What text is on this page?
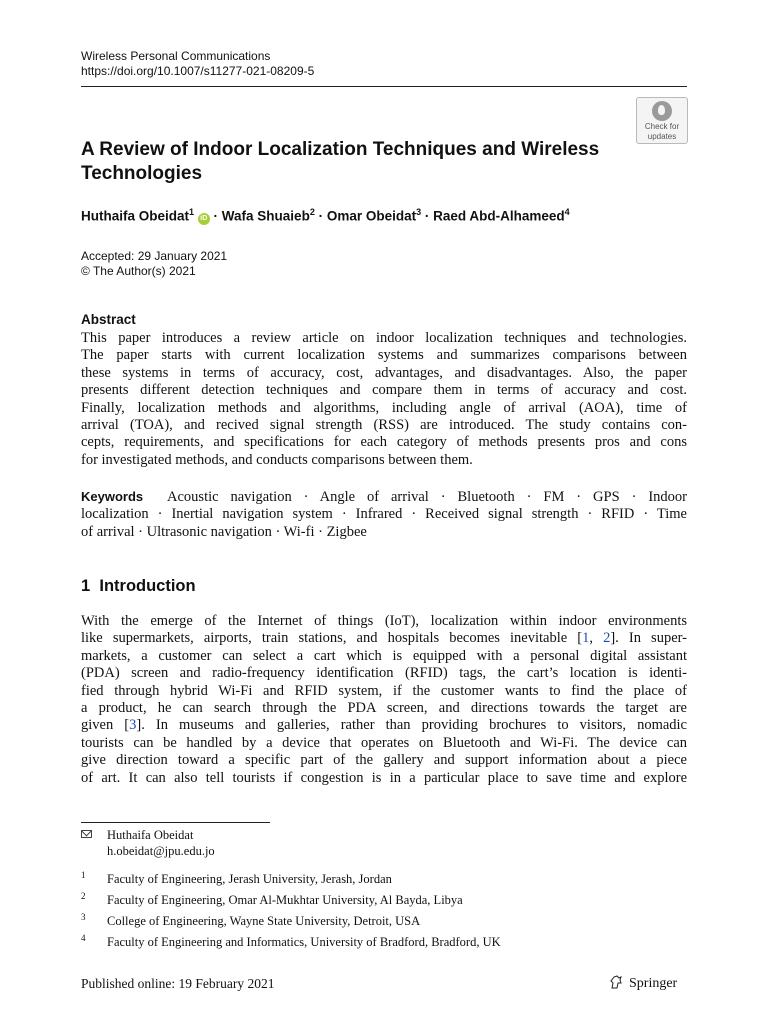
Wireless Personal Communications
https://doi.org/10.1007/s11277-021-08209-5
Check for
updates
A Review of Indoor Localization Techniques and Wireless Technologies
Huthaifa Obeidat$^1$ iD · Wafa Shuaieb$^2$ · Omar Obeidat$^3$ · Raed Abd-Alhameed$^4$
Accepted: 29 January 2021
© The Author(s) 2021
Abstract
This paper introduces a review article on indoor localization techniques and technologies.
The paper starts with current localization systems and summarizes comparisons between
these systems in terms of accuracy, cost, advantages, and disadvantages. Also, the paper
presents different detection techniques and compare them in terms of accuracy and cost.
Finally, localization methods and algorithms, including angle of arrival (AOA), time of
arrival (TOA), and recived signal strength (RSS) are introduced. The study contains con-
cepts, requirements, and specifications for each category of methods presents pros and cons
for investigated methods, and conducts comparisons between them.
Keywords Acoustic navigation · Angle of arrival · Bluetooth · FM · GPS · Indoor
localization · Inertial navigation system · Infrared · Received signal strength · RFID · Time
of arrival · Ultrasonic navigation · Wi-fi · Zigbee
1 Introduction
With the emerge of the Internet of things (IoT), localization within indoor environments
like supermarkets, airports, train stations, and hospitals becomes inevitable [1, 2]. In super-
markets, a customer can select a cart which is equipped with a personal digital assistant
(PDA) screen and radio-frequency identification (RFID) tags, the cart’s location is identi-
fied through hybrid Wi-Fi and RFID system, if the customer wants to find the place of
a product, he can search through the PDA screen, and directions towards the target are
given [3]. In museums and galleries, rather than providing brochures to visitors, nomadic
tourists can be handled by a device that operates on Bluetooth and Wi-Fi. The device can
give direction toward a specific part of the gallery and support information about a piece
of art. It can also tell tourists if congestion is in a particular place to save time and explore
Huthaifa Obeidat
h.obeidat@jpu.edu.jo
1 Faculty of Engineering, Jerash University, Jerash, Jordan
2 Faculty of Engineering, Omar Al-Mukhtar University, Al Bayda, Libya
3 College of Engineering, Wayne State University, Detroit, USA
4 Faculty of Engineering and Informatics, University of Bradford, Bradford, UK
Published online: 19 February 2021	Springer
